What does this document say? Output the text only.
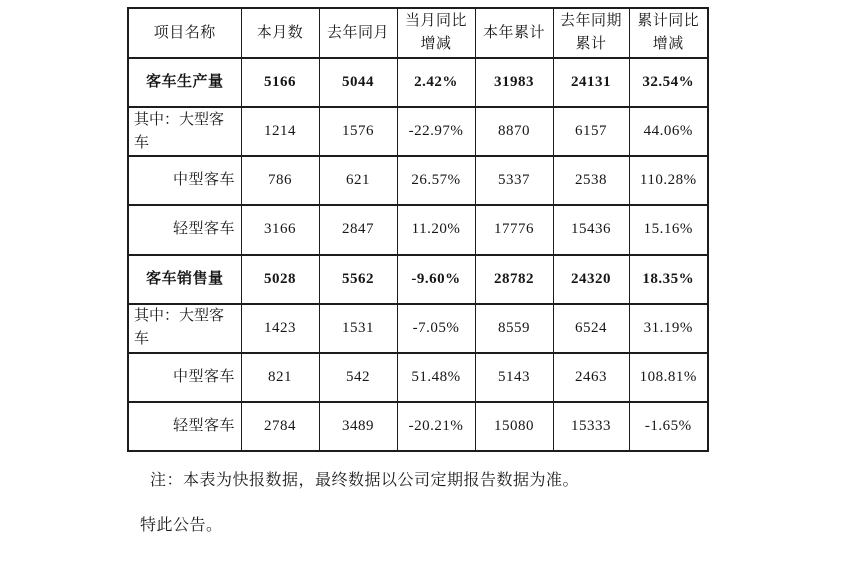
项目名称	本月数	去年同月	当月同比增减	本年累计	去年同期累计	累计同比增减
客车生产量	5166	5044	2.42%	31983	24131	32.54%
其中：大型客车	1214	1576	-22.97%	8870	6157	44.06%
中型客车	786	621	26.57%	5337	2538	110.28%
轻型客车	3166	2847	11.20%	17776	15436	15.16%
客车销售量	5028	5562	-9.60%	28782	24320	18.35%
其中：大型客车	1423	1531	-7.05%	8559	6524	31.19%
中型客车	821	542	51.48%	5143	2463	108.81%
轻型客车	2784	3489	-20.21%	15080	15333	-1.65%
注：本表为快报数据，最终数据以公司定期报告数据为准。
特此公告。
